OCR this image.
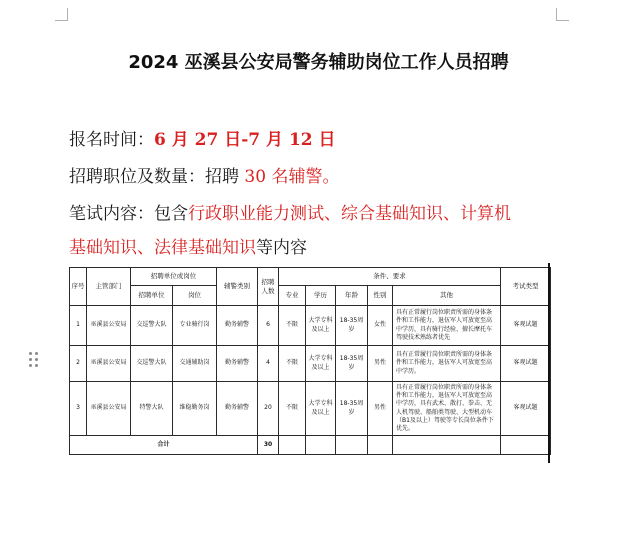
2024 巫溪县公安局警务辅助岗位工作人员招聘
报名时间：6 月 27 日-7 月 12 日
招聘职位及数量：招聘 30 名辅警。
笔试内容：包含行政职业能力测试、综合基础知识、计算机
基础知识、法律基础知识等内容
序号	主管部门	招聘单位或岗位		辅警类别	招聘人数	条件、要求					考试类型
		招聘单位	岗位			专业	学历	年龄	性别	其他	
1	巫溪县公安局	交巡警大队	专业骑行岗	勤务辅警	6	不限	大学专科及以上	18-35周岁	女性	具有正常履行岗位职责所需的身体条件和工作能力，退伍军人可放宽至高中学历，具有骑行经验、擅长摩托车驾驶技术熟练者优先	客观试题
2	巫溪县公安局	交巡警大队	交通辅助岗	勤务辅警	4	不限	大学专科及以上	18-35周岁	男性	具有正常履行岗位职责所需的身体条件和工作能力，退伍军人可放宽至高中学历。	客观试题
3	巫溪县公安局	特警大队	维稳勤务岗	勤务辅警	20	不限	大学专科及以上	18-35周岁	男性	具有正常履行岗位职责所需的身体条件和工作能力，退伍军人可放宽至高中学历，具有武术、散打、拳击、无人机驾驶、船舶类驾驶、大型机动车（B1及以上）驾驶等专长岗位条件下优先。	客观试题
合计					30						
